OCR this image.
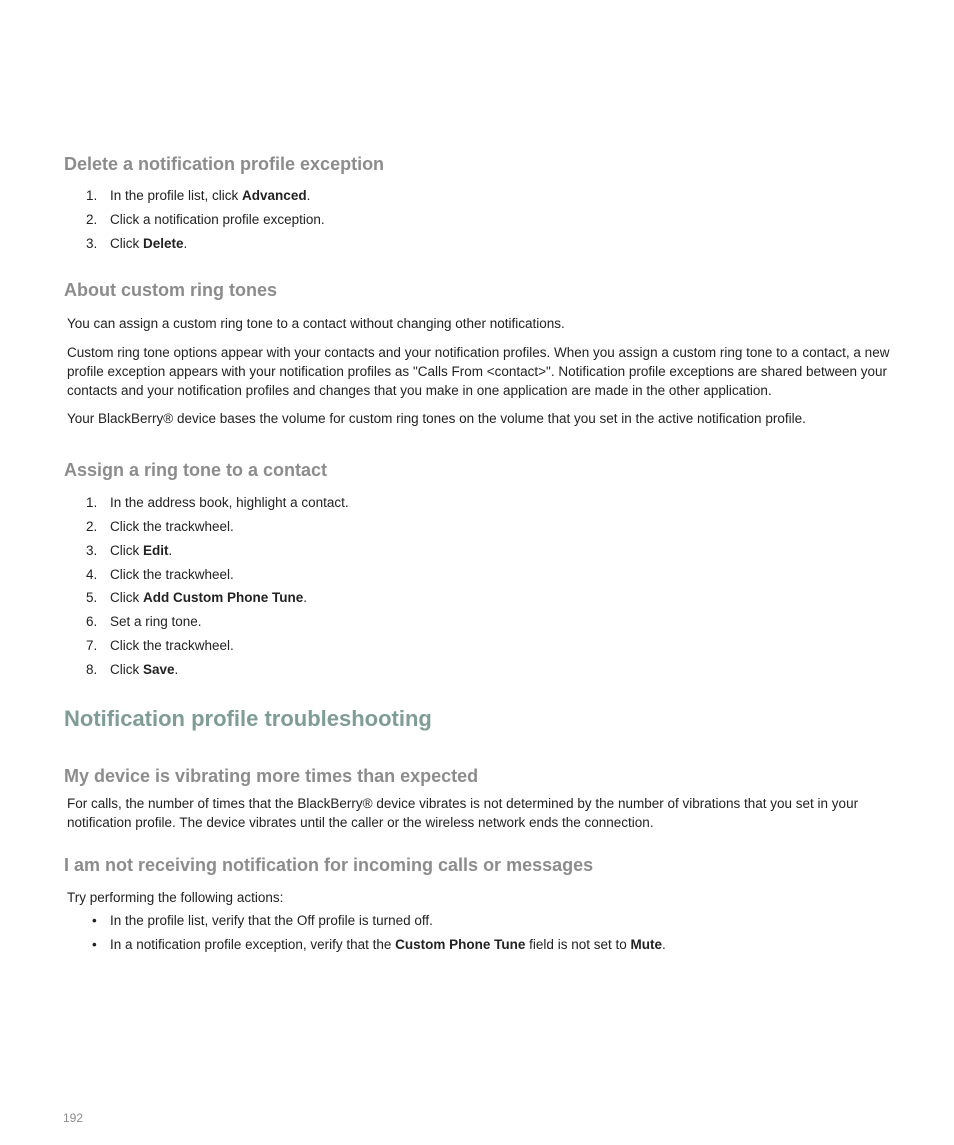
Delete a notification profile exception
1. In the profile list, click Advanced.
2. Click a notification profile exception.
3. Click Delete.
About custom ring tones

You can assign a custom ring tone to a contact without changing other notifications.

Custom ring tone options appear with your contacts and your notification profiles. When you assign a custom ring tone to a contact, a new profile exception appears with your notification profiles as "Calls From <contact>". Notification profile exceptions are shared between your contacts and your notification profiles and changes that you make in one application are made in the other application.

Your BlackBerry® device bases the volume for custom ring tones on the volume that you set in the active notification profile.

Assign a ring tone to a contact
1. In the address book, highlight a contact.
2. Click the trackwheel.
3. Click Edit.
4. Click the trackwheel.
5. Click Add Custom Phone Tune.
6. Set a ring tone.
7. Click the trackwheel.
8. Click Save.
Notification profile troubleshooting
My device is vibrating more times than expected

For calls, the number of times that the BlackBerry® device vibrates is not determined by the number of vibrations that you set in your notification profile. The device vibrates until the caller or the wireless network ends the connection.

I am not receiving notification for incoming calls or messages

Try performing the following actions:

• In the profile list, verify that the Off profile is turned off.
• In a notification profile exception, verify that the Custom Phone Tune field is not set to Mute.
192
